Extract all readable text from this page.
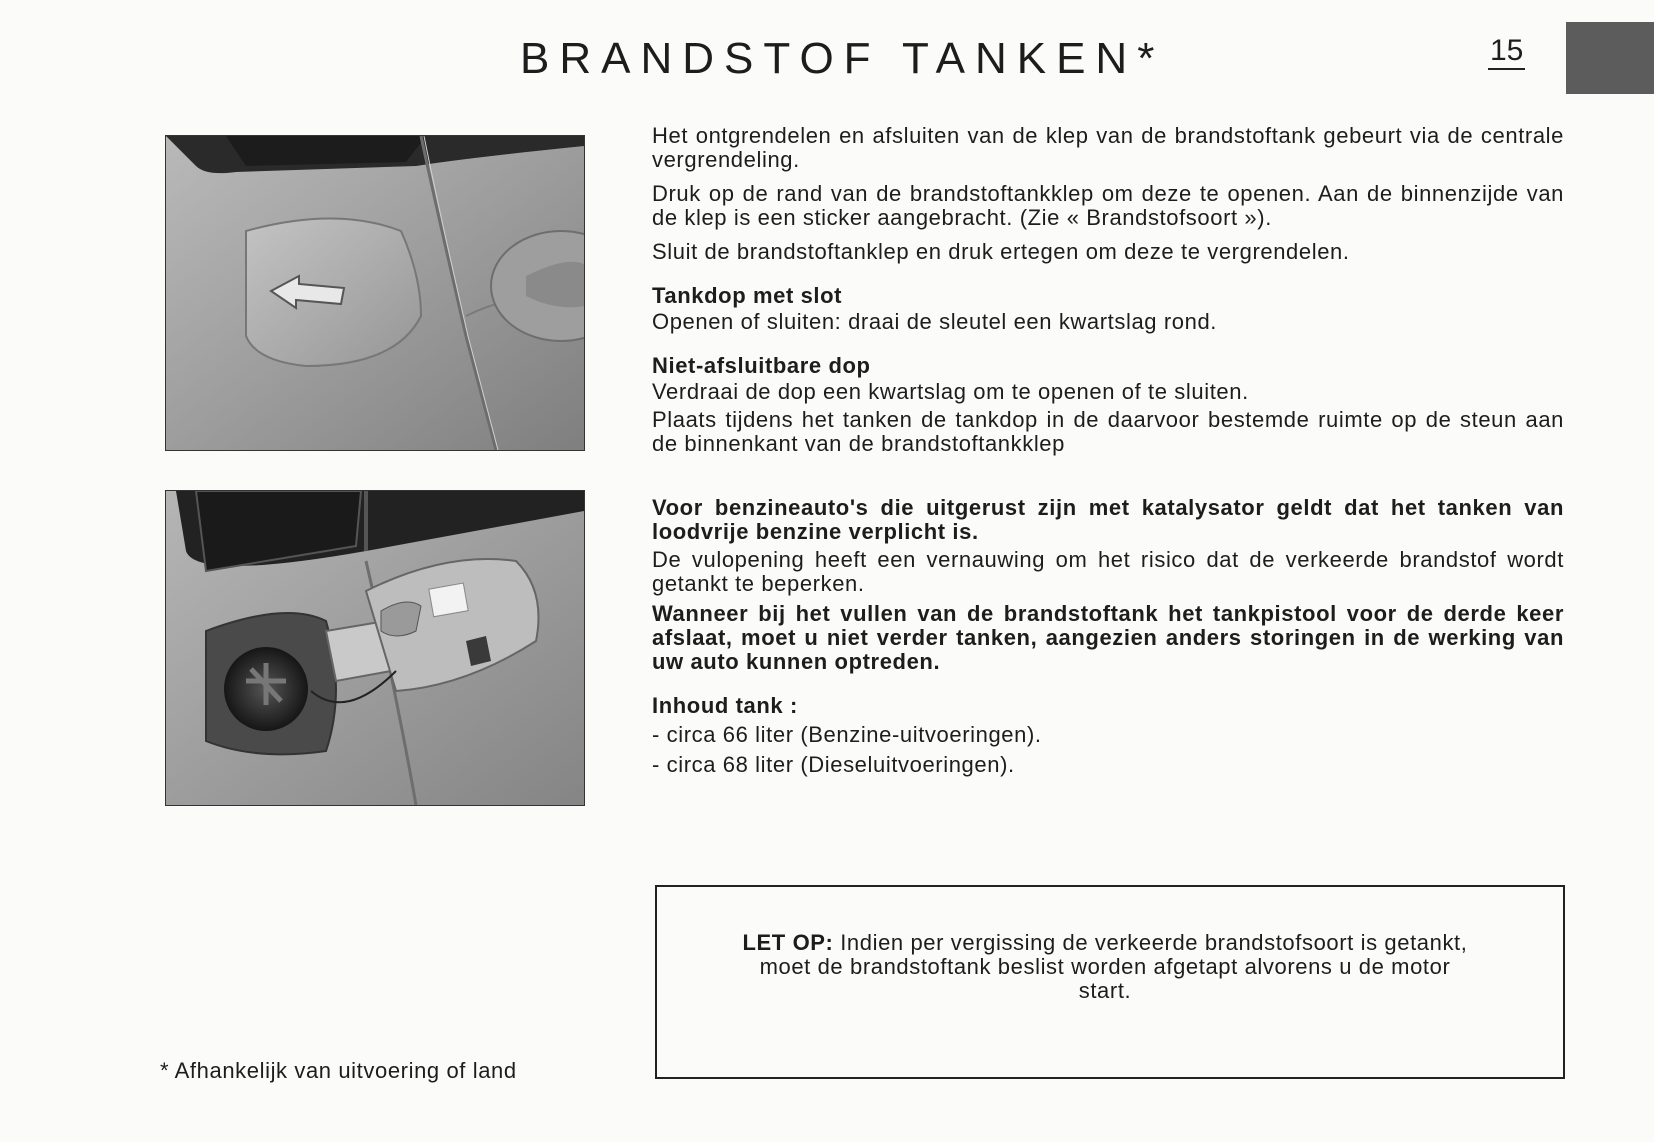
BRANDSTOF TANKEN*	15

Het ontgrendelen en afsluiten van de klep van de brandstoftank gebeurt via de centrale vergrendeling.

Druk op de rand van de brandstoftankklep om deze te openen. Aan de binnenzijde van de klep is een sticker aangebracht. (Zie « Brandstofsoort »).

Sluit de brandstoftanklep en druk ertegen om deze te vergrendelen.

Tankdop met slot

Openen of sluiten: draai de sleutel een kwartslag rond.

Niet-afsluitbare dop

Verdraai de dop een kwartslag om te openen of te sluiten.

Plaats tijdens het tanken de tankdop in de daarvoor bestemde ruimte op de steun aan de binnenkant van de brandstoftankklep

Voor benzineauto's die uitgerust zijn met katalysator geldt dat het tanken van loodvrije benzine verplicht is.

De vulopening heeft een vernauwing om het risico dat de verkeerde brandstof wordt getankt te beperken.

Wanneer bij het vullen van de brandstoftank het tankpistool voor de derde keer afslaat, moet u niet verder tanken, aangezien anders storingen in de werking van uw auto kunnen optreden.

Inhoud tank :
- circa 66 liter (Benzine-uitvoeringen).
- circa 68 liter (Dieseluitvoeringen).
LET OP: Indien per vergissing de verkeerde brandstofsoort is getankt, moet de brandstoftank beslist worden afgetapt alvorens u de motor start.
* Afhankelijk van uitvoering of land
